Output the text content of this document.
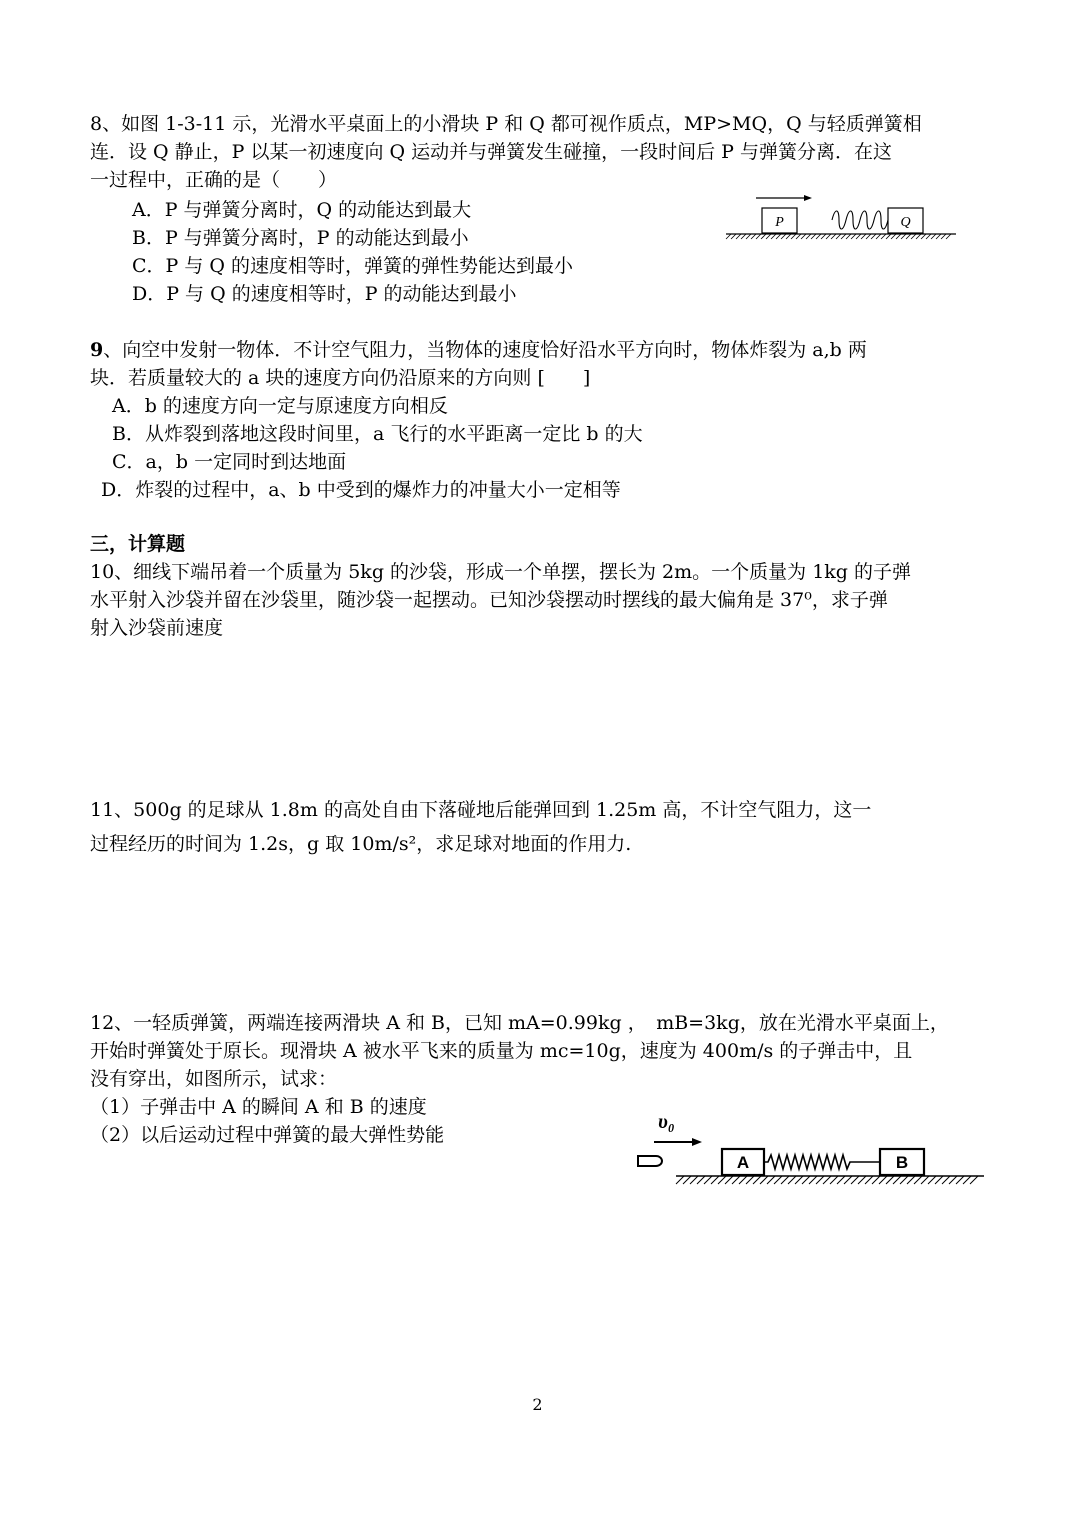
8、如图 1-3-11 示，光滑水平桌面上的小滑块 P 和 Q 都可视作质点，MP>MQ，Q 与轻质弹簧相
连．设 Q 静止，P 以某一初速度向 Q 运动并与弹簧发生碰撞，一段时间后 P 与弹簧分离．在这
一过程中，正确的是（　　）
A．P 与弹簧分离时，Q 的动能达到最大
B．P 与弹簧分离时，P 的动能达到最小
C．P 与 Q 的速度相等时，弹簧的弹性势能达到最小
D．P 与 Q 的速度相等时，P 的动能达到最小
P	Q
9、向空中发射一物体．不计空气阻力，当物体的速度恰好沿水平方向时，物体炸裂为 a,b 两
块．若质量较大的 a 块的速度方向仍沿原来的方向则 [　　]
A．b 的速度方向一定与原速度方向相反
B．从炸裂到落地这段时间里，a 飞行的水平距离一定比 b 的大
C．a，b 一定同时到达地面
D．炸裂的过程中，a、b 中受到的爆炸力的冲量大小一定相等
三，计算题
10、细线下端吊着一个质量为 5kg 的沙袋，形成一个单摆，摆长为 2m。一个质量为 1kg 的子弹
水平射入沙袋并留在沙袋里，随沙袋一起摆动。已知沙袋摆动时摆线的最大偏角是 37⁰，求子弹
射入沙袋前速度
11、500g 的足球从 1.8m 的高处自由下落碰地后能弹回到 1.25m 高，不计空气阻力，这一
过程经历的时间为 1.2s，g 取 10m/s²，求足球对地面的作用力.
12、一轻质弹簧，两端连接两滑块 A 和 B，已知 mA=0.99kg ，　mB=3kg，放在光滑水平桌面上，
开始时弹簧处于原长。现滑块 A 被水平飞来的质量为 mc=10g，速度为 400m/s 的子弹击中，且
没有穿出，如图所示，试求：
（1）子弹击中 A 的瞬间 A 和 B 的速度
（2）以后运动过程中弹簧的最大弹性势能
υ₀
A	B
2
